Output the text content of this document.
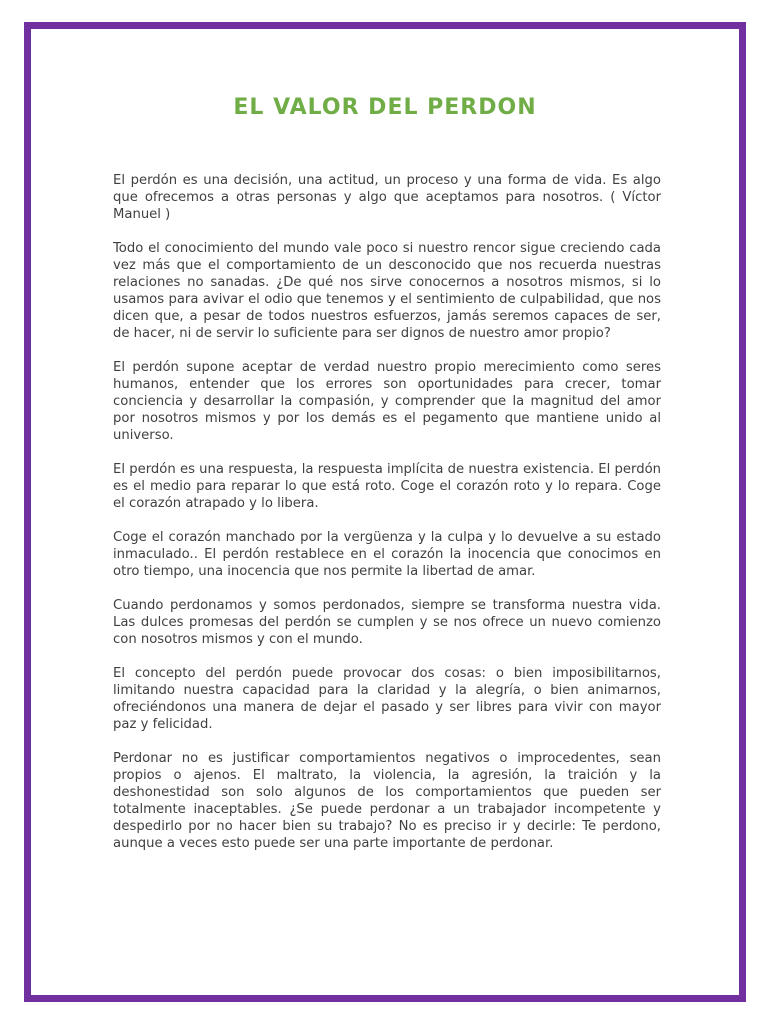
EL VALOR DEL PERDON

El perdón es una decisión, una actitud, un proceso y una forma de vida. Es algo que ofrecemos a otras personas y algo que aceptamos para nosotros. ( Víctor Manuel )

Todo el conocimiento del mundo vale poco si nuestro rencor sigue creciendo cada vez más que el comportamiento de un desconocido que nos recuerda nuestras relaciones no sanadas. ¿De qué nos sirve conocernos a nosotros mismos, si lo usamos para avivar el odio que tenemos y el sentimiento de culpabilidad, que nos dicen que, a pesar de todos nuestros esfuerzos, jamás seremos capaces de ser, de hacer, ni de servir lo suficiente para ser dignos de nuestro amor propio?

El perdón supone aceptar de verdad nuestro propio merecimiento como seres humanos, entender que los errores son oportunidades para crecer, tomar conciencia y desarrollar la compasión, y comprender que la magnitud del amor por nosotros mismos y por los demás es el pegamento que mantiene unido al universo.

El perdón es una respuesta, la respuesta implícita de nuestra existencia. El perdón es el medio para reparar lo que está roto. Coge el corazón roto y lo repara. Coge el corazón atrapado y lo libera.

Coge el corazón manchado por la vergüenza y la culpa y lo devuelve a su estado inmaculado.. El perdón restablece en el corazón la inocencia que conocimos en otro tiempo, una inocencia que nos permite la libertad de amar.

Cuando perdonamos y somos perdonados, siempre se transforma nuestra vida. Las dulces promesas del perdón se cumplen y se nos ofrece un nuevo comienzo con nosotros mismos y con el mundo.

El concepto del perdón puede provocar dos cosas: o bien imposibilitarnos, limitando nuestra capacidad para la claridad y la alegría, o bien animarnos, ofreciéndonos una manera de dejar el pasado y ser libres para vivir con mayor paz y felicidad.

Perdonar no es justificar comportamientos negativos o improcedentes, sean propios o ajenos. El maltrato, la violencia, la agresión, la traición y la deshonestidad son solo algunos de los comportamientos que pueden ser totalmente inaceptables. ¿Se puede perdonar a un trabajador incompetente y despedirlo por no hacer bien su trabajo? No es preciso ir y decirle: Te perdono, aunque a veces esto puede ser una parte importante de perdonar.
